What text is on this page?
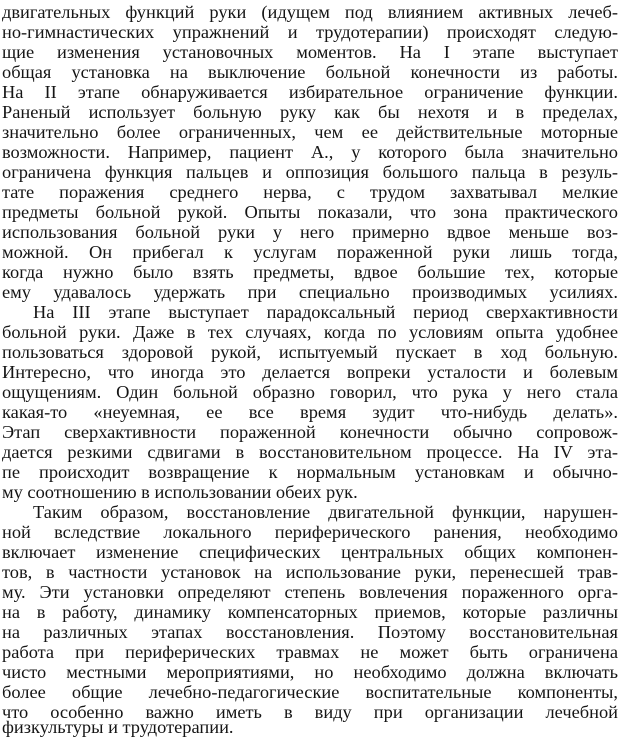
двигательных функций руки (идущем под влиянием активных лечеб-
но-гимнастических упражнений и трудотерапии) происходят следую-
щие изменения установочных моментов. На I этапе выступает
общая установка на выключение больной конечности из работы.
На II этапе обнаруживается избирательное ограничение функции.
Раненый использует больную руку как бы нехотя и в пределах,
значительно более ограниченных, чем ее действительные моторные
возможности. Например, пациент А., у которого была значительно
ограничена функция пальцев и оппозиция большого пальца в резуль-
тате поражения среднего нерва, с трудом захватывал мелкие
предметы больной рукой. Опыты показали, что зона практического
использования больной руки у него примерно вдвое меньше воз-
можной. Он прибегал к услугам пораженной руки лишь тогда,
когда нужно было взять предметы, вдвое большие тех, которые
ему удавалось удержать при специально производимых усилиях.
На III этапе выступает парадоксальный период сверхактивности
больной руки. Даже в тех случаях, когда по условиям опыта удобнее
пользоваться здоровой рукой, испытуемый пускает в ход больную.
Интересно, что иногда это делается вопреки усталости и болевым
ощущениям. Один больной образно говорил, что рука у него стала
какая-то «неуемная, ее все время зудит что-нибудь делать».
Этап сверхактивности пораженной конечности обычно сопровож-
дается резкими сдвигами в восстановительном процессе. На IV эта-
пе происходит возвращение к нормальным установкам и обычно-
му соотношению в использовании обеих рук.
Таким образом, восстановление двигательной функции, нарушен-
ной вследствие локального периферического ранения, необходимо
включает изменение специфических центральных общих компонен-
тов, в частности установок на использование руки, перенесшей трав-
му. Эти установки определяют степень вовлечения пораженного орга-
на в работу, динамику компенсаторных приемов, которые различны
на различных этапах восстановления. Поэтому восстановительная
работа при периферических травмах не может быть ограничена
чисто местными мероприятиями, но необходимо должна включать
более общие лечебно-педагогические воспитательные компоненты,
что особенно важно иметь в виду при организации лечебной
физкультуры и трудотерапии.
